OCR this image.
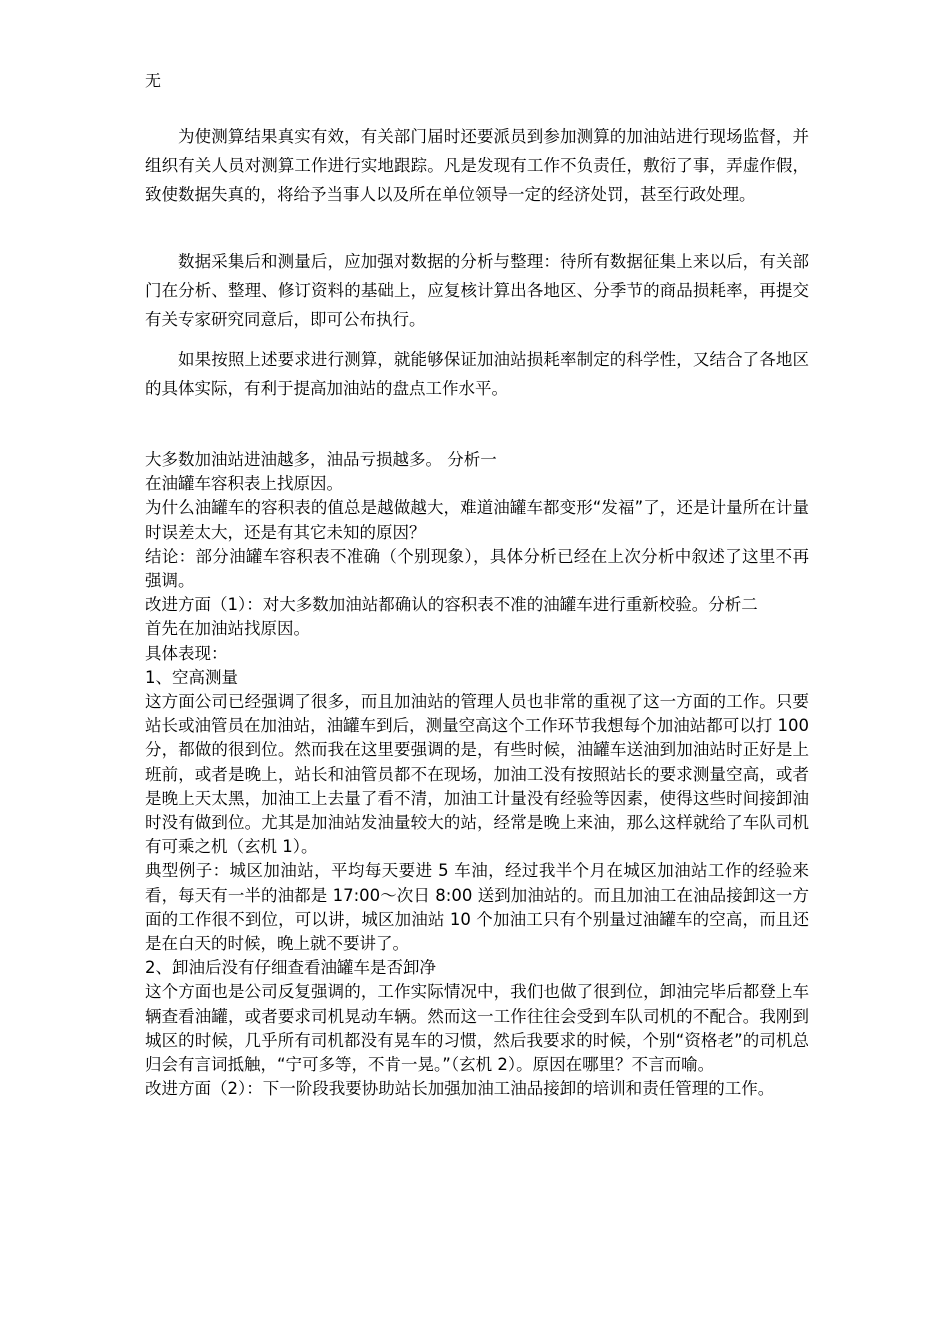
无

为使测算结果真实有效，有关部门届时还要派员到参加测算的加油站进行现场监督，并组织有关人员对测算工作进行实地跟踪。凡是发现有工作不负责任，敷衍了事，弄虚作假，致使数据失真的，将给予当事人以及所在单位领导一定的经济处罚，甚至行政处理。

数据采集后和测量后，应加强对数据的分析与整理：待所有数据征集上来以后，有关部门在分析、整理、修订资料的基础上，应复核计算出各地区、分季节的商品损耗率，再提交有关专家研究同意后，即可公布执行。

如果按照上述要求进行测算，就能够保证加油站损耗率制定的科学性，又结合了各地区的具体实际，有利于提高加油站的盘点工作水平。

大多数加油站进油越多，油品亏损越多。 分析一

在油罐车容积表上找原因。

为什么油罐车的容积表的值总是越做越大，难道油罐车都变形“发福”了，还是计量所在计量时误差太大，还是有其它未知的原因？

结论：部分油罐车容积表不准确（个别现象），具体分析已经在上次分析中叙述了这里不再强调。

改进方面（1）：对大多数加油站都确认的容积表不准的油罐车进行重新校验。分析二

首先在加油站找原因。

具体表现：

1、空高测量

这方面公司已经强调了很多，而且加油站的管理人员也非常的重视了这一方面的工作。只要站长或油管员在加油站，油罐车到后，测量空高这个工作环节我想每个加油站都可以打 100 分，都做的很到位。然而我在这里要强调的是，有些时候，油罐车送油到加油站时正好是上班前，或者是晚上，站长和油管员都不在现场，加油工没有按照站长的要求测量空高，或者是晚上天太黑，加油工上去量了看不清，加油工计量没有经验等因素，使得这些时间接卸油时没有做到位。尤其是加油站发油量较大的站，经常是晚上来油，那么这样就给了车队司机有可乘之机（玄机 1）。

典型例子：城区加油站，平均每天要进 5 车油，经过我半个月在城区加油站工作的经验来看，每天有一半的油都是 17:00～次日 8:00 送到加油站的。而且加油工在油品接卸这一方面的工作很不到位，可以讲，城区加油站 10 个加油工只有个别量过油罐车的空高，而且还是在白天的时候，晚上就不要讲了。

2、卸油后没有仔细查看油罐车是否卸净

这个方面也是公司反复强调的，工作实际情况中，我们也做了很到位，卸油完毕后都登上车辆查看油罐，或者要求司机晃动车辆。然而这一工作往往会受到车队司机的不配合。我刚到城区的时候，几乎所有司机都没有晃车的习惯，然后我要求的时候，个别“资格老”的司机总归会有言词抵触，“宁可多等，不肯一晃。”（玄机 2）。原因在哪里？不言而喻。

改进方面（2）：下一阶段我要协助站长加强加油工油品接卸的培训和责任管理的工作。
